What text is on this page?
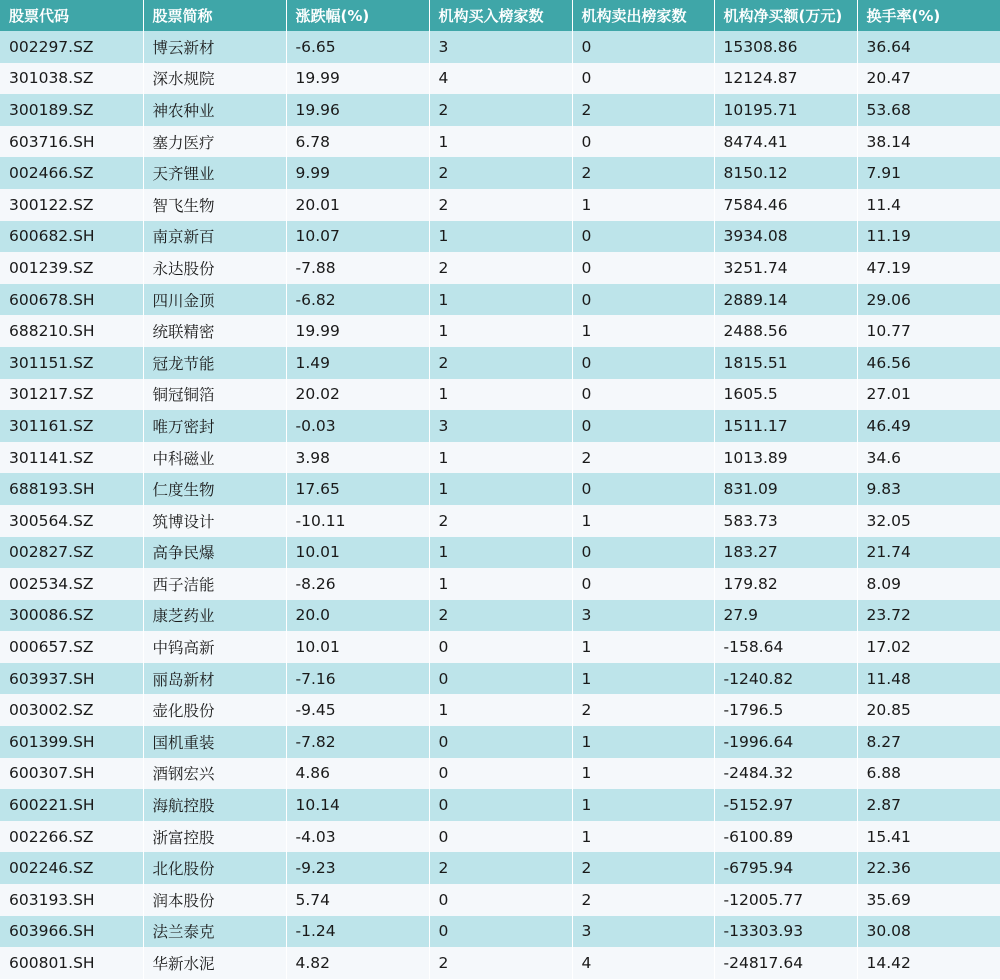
股票代码	股票简称	涨跌幅(%)	机构买入榜家数	机构卖出榜家数	机构净买额(万元)	换手率(%)
002297.SZ	博云新材	-6.65	3	0	15308.86	36.64
301038.SZ	深水规院	19.99	4	0	12124.87	20.47
300189.SZ	神农种业	19.96	2	2	10195.71	53.68
603716.SH	塞力医疗	6.78	1	0	8474.41	38.14
002466.SZ	天齐锂业	9.99	2	2	8150.12	7.91
300122.SZ	智飞生物	20.01	2	1	7584.46	11.4
600682.SH	南京新百	10.07	1	0	3934.08	11.19
001239.SZ	永达股份	-7.88	2	0	3251.74	47.19
600678.SH	四川金顶	-6.82	1	0	2889.14	29.06
688210.SH	统联精密	19.99	1	1	2488.56	10.77
301151.SZ	冠龙节能	1.49	2	0	1815.51	46.56
301217.SZ	铜冠铜箔	20.02	1	0	1605.5	27.01
301161.SZ	唯万密封	-0.03	3	0	1511.17	46.49
301141.SZ	中科磁业	3.98	1	2	1013.89	34.6
688193.SH	仁度生物	17.65	1	0	831.09	9.83
300564.SZ	筑博设计	-10.11	2	1	583.73	32.05
002827.SZ	高争民爆	10.01	1	0	183.27	21.74
002534.SZ	西子洁能	-8.26	1	0	179.82	8.09
300086.SZ	康芝药业	20.0	2	3	27.9	23.72
000657.SZ	中钨高新	10.01	0	1	-158.64	17.02
603937.SH	丽岛新材	-7.16	0	1	-1240.82	11.48
003002.SZ	壶化股份	-9.45	1	2	-1796.5	20.85
601399.SH	国机重装	-7.82	0	1	-1996.64	8.27
600307.SH	酒钢宏兴	4.86	0	1	-2484.32	6.88
600221.SH	海航控股	10.14	0	1	-5152.97	2.87
002266.SZ	浙富控股	-4.03	0	1	-6100.89	15.41
002246.SZ	北化股份	-9.23	2	2	-6795.94	22.36
603193.SH	润本股份	5.74	0	2	-12005.77	35.69
603966.SH	法兰泰克	-1.24	0	3	-13303.93	30.08
600801.SH	华新水泥	4.82	2	4	-24817.64	14.42
